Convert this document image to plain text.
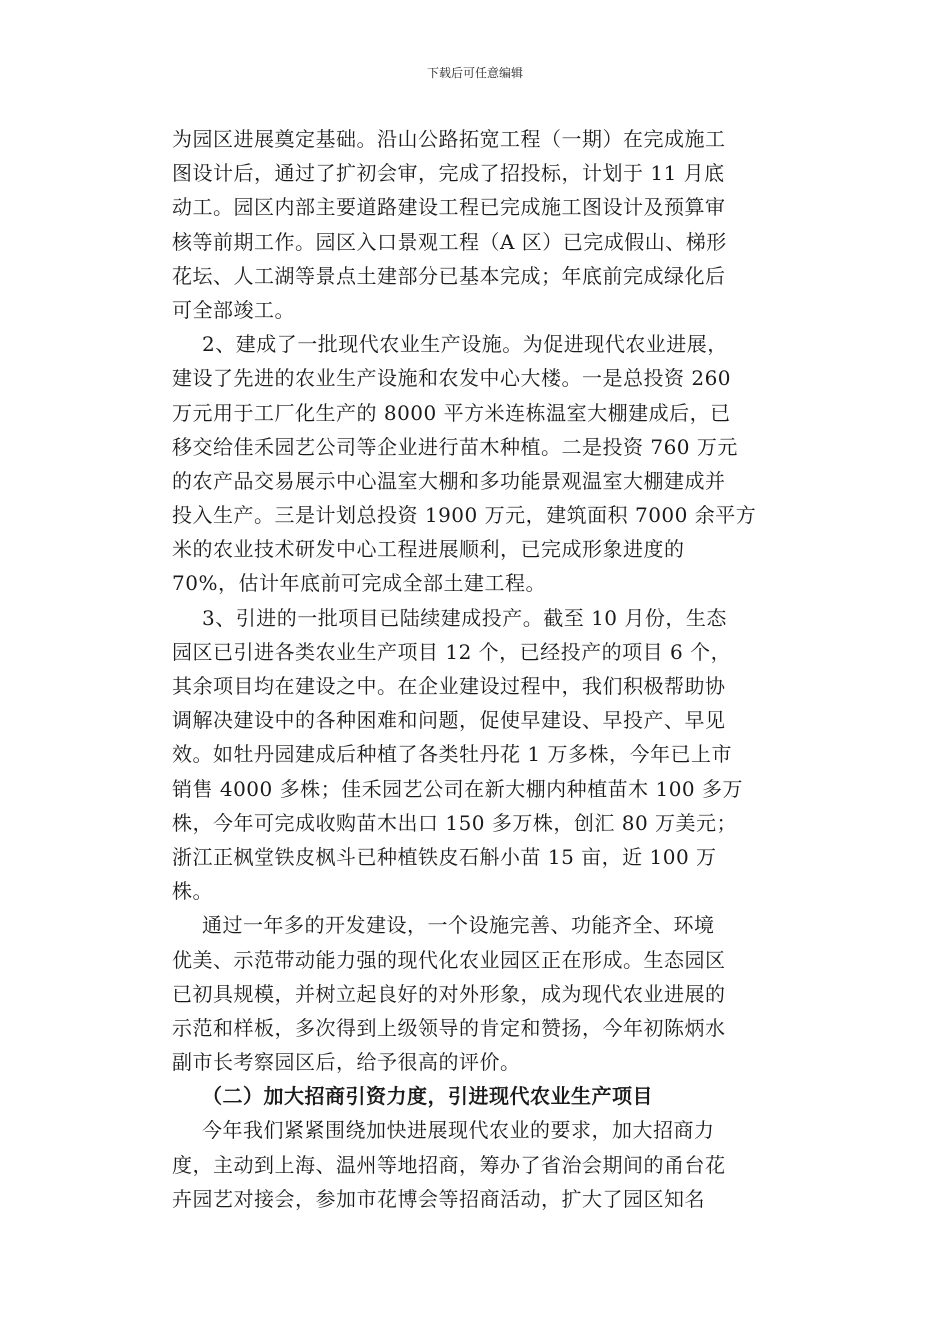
下载后可任意编辑
为园区进展奠定基础。沿山公路拓宽工程（一期）在完成施工
图设计后，通过了扩初会审，完成了招投标，计划于 11 月底
动工。园区内部主要道路建设工程已完成施工图设计及预算审
核等前期工作。园区入口景观工程（A 区）已完成假山、梯形
花坛、人工湖等景点土建部分已基本完成；年底前完成绿化后
可全部竣工。
2、建成了一批现代农业生产设施。为促进现代农业进展，
建设了先进的农业生产设施和农发中心大楼。一是总投资 260
万元用于工厂化生产的 8000 平方米连栋温室大棚建成后，已
移交给佳禾园艺公司等企业进行苗木种植。二是投资 760 万元
的农产品交易展示中心温室大棚和多功能景观温室大棚建成并
投入生产。三是计划总投资 1900 万元，建筑面积 7000 余平方
米的农业技术研发中心工程进展顺利，已完成形象进度的
70%，估计年底前可完成全部土建工程。
3、引进的一批项目已陆续建成投产。截至 10 月份，生态
园区已引进各类农业生产项目 12 个，已经投产的项目 6 个，
其余项目均在建设之中。在企业建设过程中，我们积极帮助协
调解决建设中的各种困难和问题，促使早建设、早投产、早见
效。如牡丹园建成后种植了各类牡丹花 1 万多株，今年已上市
销售 4000 多株；佳禾园艺公司在新大棚内种植苗木 100 多万
株，今年可完成收购苗木出口 150 多万株，创汇 80 万美元；
浙江正枫堂铁皮枫斗已种植铁皮石斛小苗 15 亩，近 100 万
株。
通过一年多的开发建设，一个设施完善、功能齐全、环境
优美、示范带动能力强的现代化农业园区正在形成。生态园区
已初具规模，并树立起良好的对外形象，成为现代农业进展的
示范和样板，多次得到上级领导的肯定和赞扬，今年初陈炳水
副市长考察园区后，给予很高的评价。
（二）加大招商引资力度，引进现代农业生产项目
今年我们紧紧围绕加快进展现代农业的要求，加大招商力
度，主动到上海、温州等地招商，筹办了省治会期间的甬台花
卉园艺对接会，参加市花博会等招商活动，扩大了园区知名
